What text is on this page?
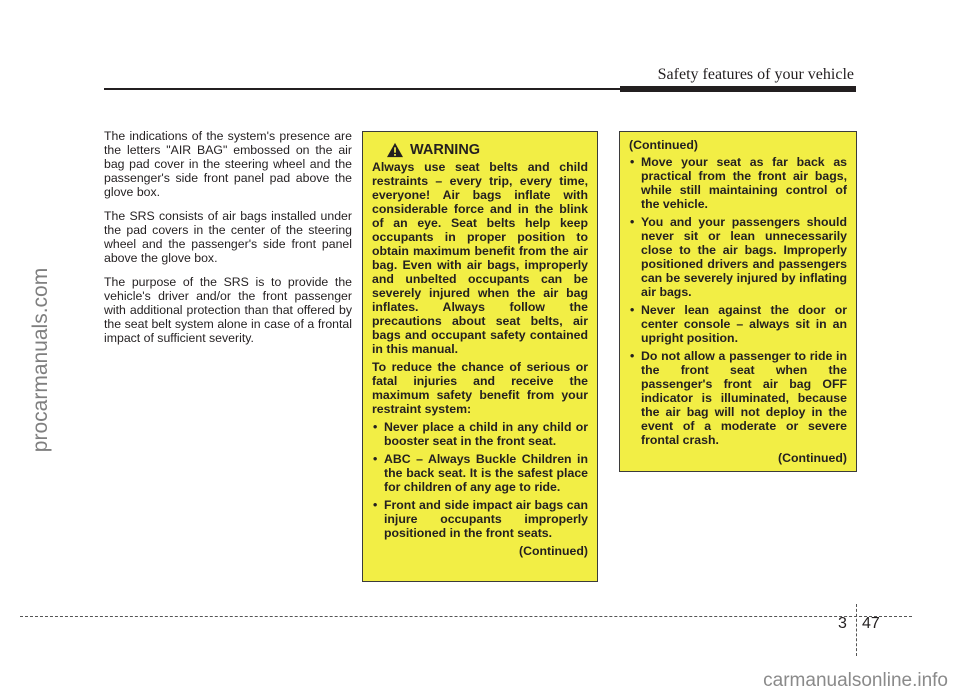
procarmanuals.com
Safety features of your vehicle

The indications of the system's presence are the letters "AIR BAG" embossed on the air bag pad cover in the steering wheel and the passenger's side front panel pad above the glove box.

The SRS consists of air bags installed under the pad covers in the center of the steering wheel and the passenger's side front panel above the glove box.

The purpose of the SRS is to provide the vehicle's driver and/or the front passenger with additional protection than that offered by the seat belt system alone in case of a frontal impact of sufficient severity.

WARNING

Always use seat belts and child restraints – every trip, every time, everyone! Air bags inflate with considerable force and in the blink of an eye. Seat belts help keep occupants in proper position to obtain maximum benefit from the air bag. Even with air bags, improperly and unbelted occupants can be severely injured when the air bag inflates. Always follow the precautions about seat belts, air bags and occupant safety contained in this manual.

To reduce the chance of serious or fatal injuries and receive the maximum safety benefit from your restraint system:

• Never place a child in any child or booster seat in the front seat.
• ABC – Always Buckle Children in the back seat. It is the safest place for children of any age to ride.
• Front and side impact air bags can injure occupants improperly positioned in the front seats.
(Continued)
(Continued)
• Move your seat as far back as practical from the front air bags, while still maintaining control of the vehicle.
• You and your passengers should never sit or lean unnecessarily close to the air bags. Improperly positioned drivers and passengers can be severely injured by inflating air bags.
• Never lean against the door or center console – always sit in an upright position.
• Do not allow a passenger to ride in the front seat when the passenger's front air bag OFF indicator is illuminated, because the air bag will not deploy in the event of a moderate or severe frontal crash.
(Continued)
3 47
carmanualsonline.info
